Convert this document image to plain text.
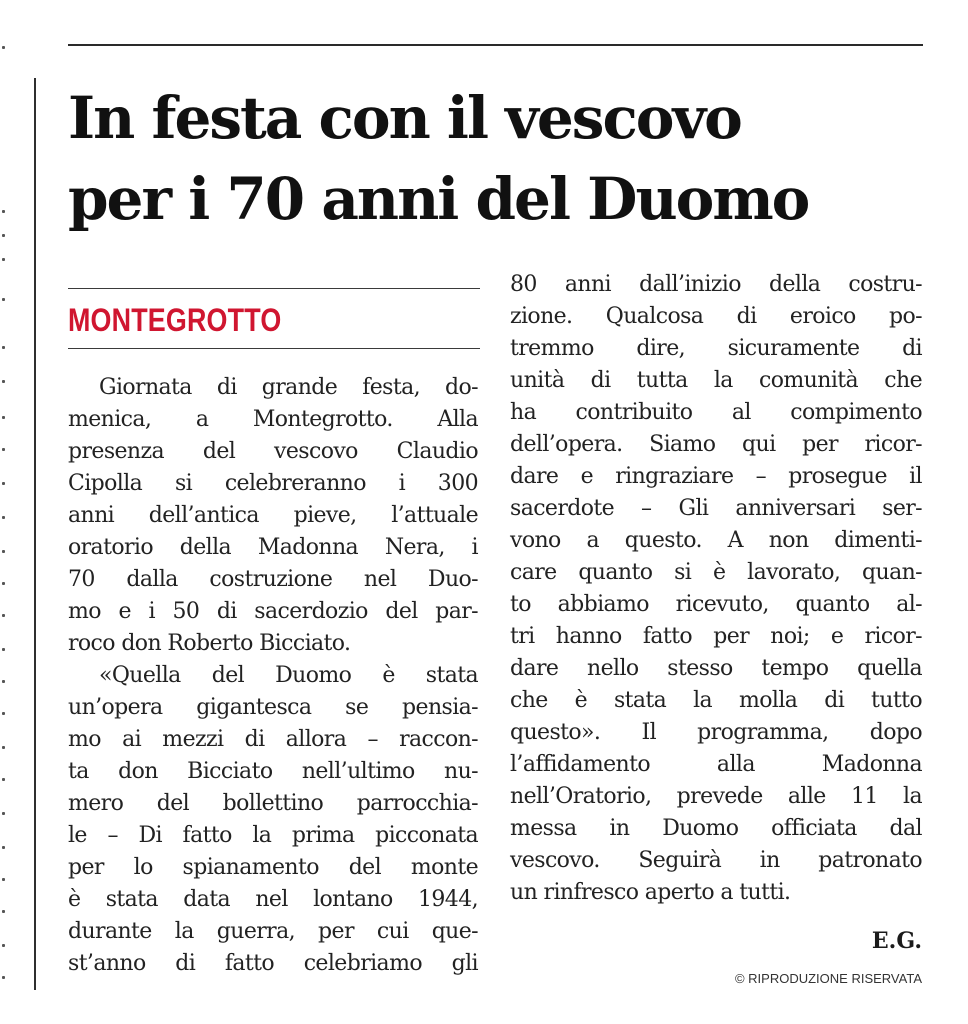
In festa con il vescovo
per i 70 anni del Duomo

MONTEGROTTO

Giornata di grande festa, do-
menica, a Montegrotto. Alla
presenza del vescovo Claudio
Cipolla si celebreranno i 300
anni dell’antica pieve, l’attuale
oratorio della Madonna Nera, i
70 dalla costruzione nel Duo-
mo e i 50 di sacerdozio del par-
roco don Roberto Bicciato.
«Quella del Duomo è stata
un’opera gigantesca se pensia-
mo ai mezzi di allora – raccon-
ta don Bicciato nell’ultimo nu-
mero del bollettino parrocchia-
le – Di fatto la prima picconata
per lo spianamento del monte
è stata data nel lontano 1944,
durante la guerra, per cui que-
st’anno di fatto celebriamo gli
80 anni dall’inizio della costru-
zione. Qualcosa di eroico po-
tremmo dire, sicuramente di
unità di tutta la comunità che
ha contribuito al compimento
dell’opera. Siamo qui per ricor-
dare e ringraziare – prosegue il
sacerdote – Gli anniversari ser-
vono a questo. A non dimenti-
care quanto si è lavorato, quan-
to abbiamo ricevuto, quanto al-
tri hanno fatto per noi; e ricor-
dare nello stesso tempo quella
che è stata la molla di tutto
questo». Il programma, dopo
l’affidamento alla Madonna
nell’Oratorio, prevede alle 11 la
messa in Duomo officiata dal
vescovo. Seguirà in patronato
un rinfresco aperto a tutti.

E.G.

© RIPRODUZIONE RISERVATA
